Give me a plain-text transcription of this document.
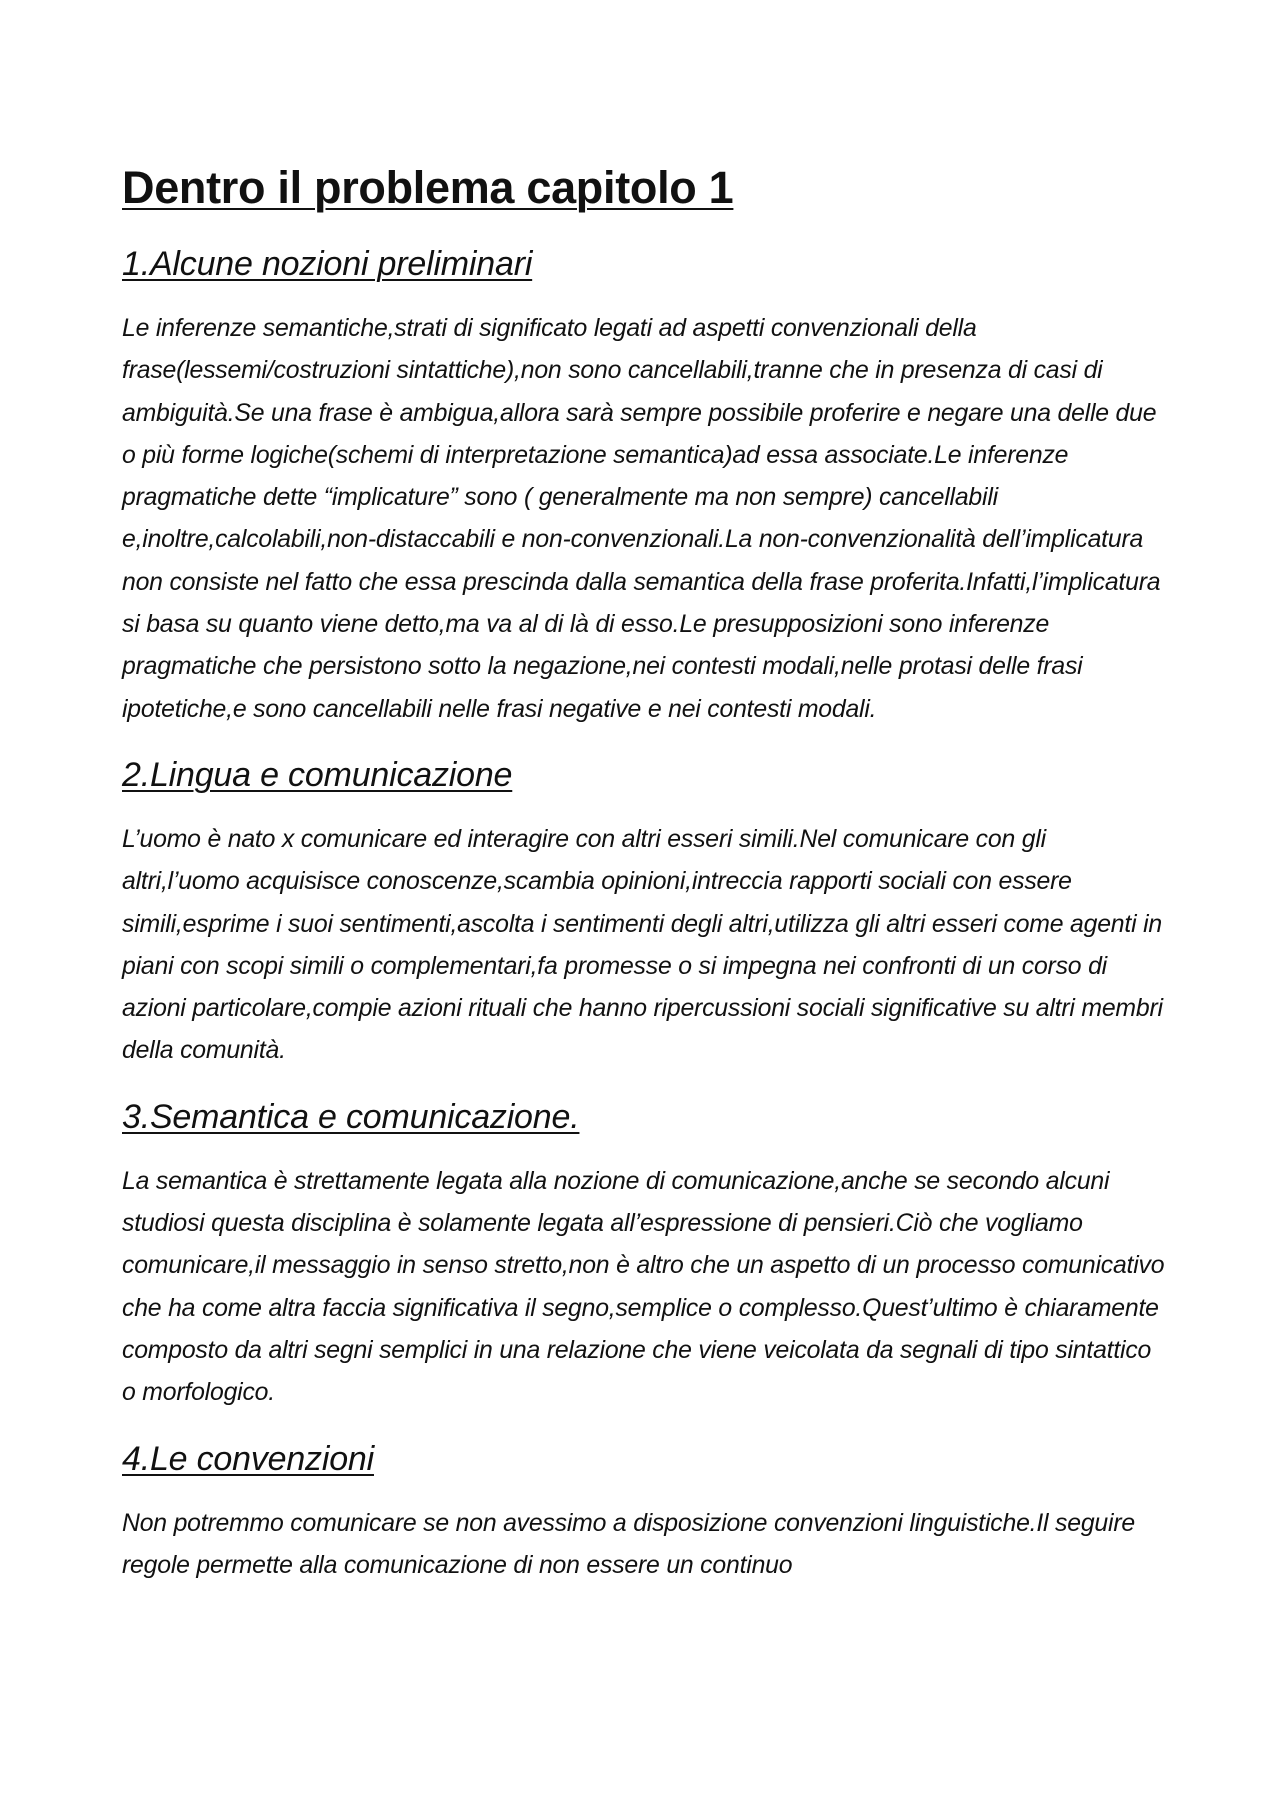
Dentro il problema capitolo 1
1.Alcune nozioni preliminari

Le inferenze semantiche,strati di significato legati ad aspetti convenzionali della frase(lessemi/costruzioni sintattiche),non sono cancellabili,tranne che in presenza di casi di ambiguità.Se una frase è ambigua,allora sarà sempre possibile proferire e negare una delle due o più forme logiche(schemi di interpretazione semantica)ad essa associate.Le inferenze pragmatiche dette “implicature” sono ( generalmente ma non sempre) cancellabili e,inoltre,calcolabili,non-distaccabili e non-convenzionali.La non-convenzionalità dell’implicatura non consiste nel fatto che essa prescinda dalla semantica della frase proferita.Infatti,l’implicatura si basa su quanto viene detto,ma va al di là di esso.Le presupposizioni sono inferenze pragmatiche che persistono sotto la negazione,nei contesti modali,nelle protasi delle frasi ipotetiche,e sono cancellabili nelle frasi negative e nei contesti modali.

2.Lingua e comunicazione

L’uomo è nato x comunicare ed interagire con altri esseri simili.Nel comunicare con gli altri,l’uomo acquisisce conoscenze,scambia opinioni,intreccia rapporti sociali con essere simili,esprime i suoi sentimenti,ascolta i sentimenti degli altri,utilizza gli altri esseri come agenti in piani con scopi simili o complementari,fa promesse o si impegna nei confronti di un corso di azioni particolare,compie azioni rituali che hanno ripercussioni sociali significative su altri membri della comunità.

3.Semantica e comunicazione.

La semantica è strettamente legata alla nozione di comunicazione,anche se secondo alcuni studiosi questa disciplina è solamente legata all’espressione di pensieri.Ciò che vogliamo comunicare,il messaggio in senso stretto,non è altro che un aspetto di un processo comunicativo che ha come altra faccia significativa il segno,semplice o complesso.Quest’ultimo è chiaramente composto da altri segni semplici in una relazione che viene veicolata da segnali di tipo sintattico o morfologico.

4.Le convenzioni

Non potremmo comunicare se non avessimo a disposizione convenzioni linguistiche.Il seguire regole permette alla comunicazione di non essere un continuo
